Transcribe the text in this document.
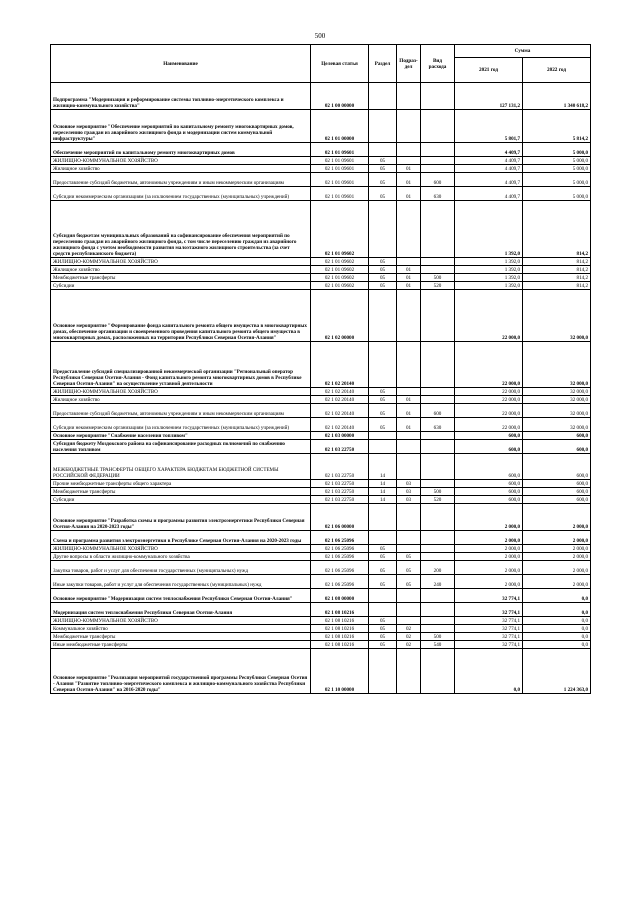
500
Наименование	Целевая статья	Раздел	Подраз-
дел	Вид
расхода	Сумма	
					2021 год	2022 год
Подпрограмма "Модернизация и реформирование системы топливно-энергетического комплекса и жилищно-коммунального хозяйства"	02 1 00 00000				127 131,2	1 340 618,2
Основное мероприятие "Обеспечение мероприятий по капитальному ремонту многоквартирных домов, переселению граждан из аварийного жилищного фонда и модернизации систем коммунальной инфраструктуры"	02 1 01 00000				5 801,7	5 814,2
Обеспечение мероприятий по капитальному ремонту многоквартирных домов	02 1 01 09601				4 409,7	5 000,0
ЖИЛИЩНО-КОММУНАЛЬНОЕ ХОЗЯЙСТВО	02 1 01 09601	05			4 409,7	5 000,0
Жилищное хозяйство	02 1 01 09601	05	01		4 409,7	5 000,0
Предоставление субсидий бюджетным, автономным учреждениям и иным некоммерческим организациям	02 1 01 09601	05	01	600	4 409,7	5 000,0
Субсидии некоммерческим организациям (за исключением государственных (муниципальных) учреждений)	02 1 01 09601	05	01	630	4 409,7	5 000,0
Субсидия бюджетам муниципальных образований на софинансирование обеспечения мероприятий по переселению граждан из аварийного жилищного фонда, с том числе переселению граждан из аварийного жилищного фонда с учетом необходимости развития малоэтажного жилищного строительства (за счет средств республиканского бюджета)	02 1 01 09602				1 392,0	814,2
ЖИЛИЩНО-КОММУНАЛЬНОЕ ХОЗЯЙСТВО	02 1 01 09602	05			1 392,0	814,2
Жилищное хозяйство	02 1 01 09602	05	01		1 392,0	814,2
Межбюджетные трансферты	02 1 01 09602	05	01	500	1 392,0	814,2
Субсидии	02 1 01 09602	05	01	520	1 392,0	814,2
Основное мероприятие "Формирование фонда капитального ремонта общего имущества в многоквартирных домах, обеспечение организации и своевременного проведения капитального ремонта общего имущества в многоквартирных домах, расположенных на территории Республики Северная Осетия-Алания"	02 1 02 00000				22 000,0	32 000,0
Предоставление субсидий специализированной некоммерческой организации "Региональный оператор Республики Северная Осетия-Алания - Фонд капитального ремонта многоквартирных домов в Республике Северная Осетия-Алания" на осуществление уставной деятельности	02 1 02 20140				22 000,0	32 000,0
ЖИЛИЩНО-КОММУНАЛЬНОЕ ХОЗЯЙСТВО	02 1 02 20140	05			22 000,0	32 000,0
Жилищное хозяйство	02 1 02 20140	05	01		22 000,0	32 000,0
Предоставление субсидий бюджетным, автономным учреждениям и иным некоммерческим организациям	02 1 02 20140	05	01	600	22 000,0	32 000,0
Субсидии некоммерческим организациям (за исключением государственных (муниципальных) учреждений)	02 1 02 20140	05	01	630	22 000,0	32 000,0
Основное мероприятие "Снабжение населения топливом"	02 1 03 00000				600,0	600,0
Субсидия бюджету Моздокского района на софинансирование расходных полномочий по снабжению населения топливом	02 1 03 22750				600,0	600,0
МЕЖБЮДЖЕТНЫЕ ТРАНСФЕРТЫ ОБЩЕГО ХАРАКТЕРА БЮДЖЕТАМ БЮДЖЕТНОЙ СИСТЕМЫ РОССИЙСКОЙ ФЕДЕРАЦИИ	02 1 03 22750	14			600,0	600,0
Прочие межбюджетные трансферты общего характера	02 1 03 22750	14	03		600,0	600,0
Межбюджетные трансферты	02 1 03 22750	14	03	500	600,0	600,0
Субсидии	02 1 03 22750	14	03	520	600,0	600,0
Основное мероприятие "Разработка схемы и программы развития электроэнергетики Республики Северная Осетия-Алания на 2020-2023 годы"	02 1 06 00000				2 000,0	2 000,0
Схема и программа развития электроэнергетики в Республике Северная Осетия-Алания на 2020-2023 годы	02 1 06 25096				2 000,0	2 000,0
ЖИЛИЩНО-КОММУНАЛЬНОЕ ХОЗЯЙСТВО	02 1 06 25096	05			2 000,0	2 000,0
Другие вопросы в области жилищно-коммунального хозяйства	02 1 06 25096	05	05		2 000,0	2 000,0
Закупка товаров, работ и услуг для обеспечения государственных (муниципальных) нужд	02 1 06 25096	05	05	200	2 000,0	2 000,0
Иные закупки товаров, работ и услуг для обеспечения государственных (муниципальных) нужд	02 1 06 25096	05	05	240	2 000,0	2 000,0
Основное мероприятие "Модернизация систем теплоснабжения Республики Северная Осетия-Алания"	02 1 08 00000				32 774,1	0,0
Модернизация систем теплоснабжения Республики Северная Осетия-Алания	02 1 08 10216				32 774,1	0,0
ЖИЛИЩНО-КОММУНАЛЬНОЕ ХОЗЯЙСТВО	02 1 08 10216	05			32 774,1	0,0
Коммунальное хозяйство	02 1 08 10216	05	02		32 774,1	0,0
Межбюджетные трансферты	02 1 08 10216	05	02	500	32 774,1	0,0
Иные межбюджетные трансферты	02 1 08 10216	05	02	540	32 774,1	0,0
Основное мероприятие "Реализация мероприятий государственной программы Республики Северная Осетия - Алания "Развитие топливно-энергетического комплекса и жилищно-коммунального хозяйства Республики Северная Осетия-Алания" на 2016-2020 годы"	02 1 10 00000				0,0	1 224 363,0
